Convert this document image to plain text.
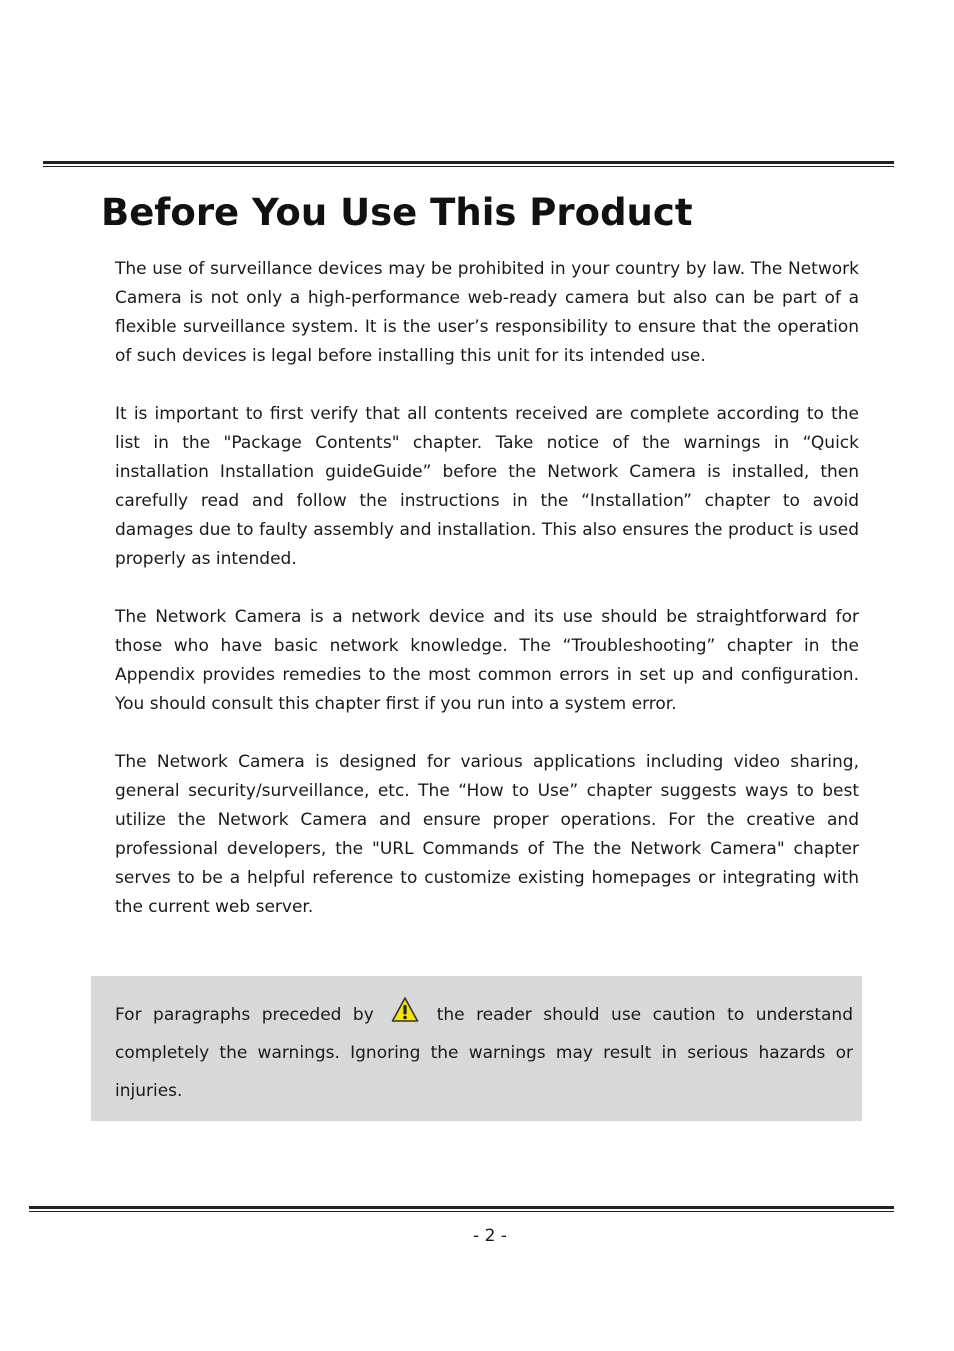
Before You Use This Product

The use of surveillance devices may be prohibited in your country by law. The Network Camera is not only a high-performance web-ready camera but also can be part of a flexible surveillance system. It is the user’s responsibility to ensure that the operation of such devices is legal before installing this unit for its intended use.

It is important to first verify that all contents received are complete according to the list in the "Package Contents" chapter. Take notice of the warnings in “Quick installation Installation guideGuide” before the Network Camera is installed, then carefully read and follow the instructions in the “Installation” chapter to avoid damages due to faulty assembly and installation. This also ensures the product is used properly as intended.

The Network Camera is a network device and its use should be straightforward for those who have basic network knowledge. The “Troubleshooting” chapter in the Appendix provides remedies to the most common errors in set up and configuration. You should consult this chapter first if you run into a system error.

The Network Camera is designed for various applications including video sharing, general security/surveillance, etc. The “How to Use” chapter suggests ways to best utilize the Network Camera and ensure proper operations. For the creative and professional developers, the "URL Commands of The the Network Camera" chapter serves to be a helpful reference to customize existing homepages or integrating with the current web server.

For paragraphs preceded by	the reader should use caution to understand completely the warnings. Ignoring the warnings may result in serious hazards or injuries.

- 2 -
